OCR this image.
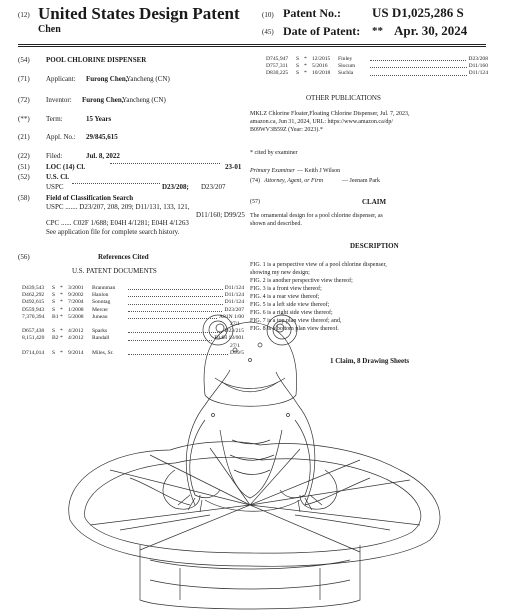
(12) United States Design Patent
Chen
(10) Patent No.: US D1,025,286 S
(45) Date of Patent: ** Apr. 30, 2024
(54) POOL CHLORINE DISPENSER
(71) Applicant: Furong Chen,
Yancheng (CN)
(72) Inventor: Furong Chen,
Yancheng (CN)
(**) Term:	15 Years
(21) Appl. No.: 29/845,615
(22) Filed:	Jul. 8, 2022
(51) LOC (14) Cl.	23-01
(52) U.S. Cl.
USPC	D23/208; D23/207
(58) Field of Classification Search
USPC ....... D23/207, 208, 209; D11/131, 133, 121,
D11/160; D99/25
CPC ...... C02F 1/688; E04H 4/1281; E04H 4/1263
See application file for complete search history.
(56)	References Cited
U.S. PATENT DOCUMENTS
D439,543	S * 3/2001	Brannman	D11/124
D462,292	S * 9/2002	Hanlon	D11/124
D492,615	S * 7/2004	Sonntag	D11/124
D559,943	S * 1/2008	Mercer	D23/207
7,370,394	B1 * 5/2008	Juneau	A01N 1/00
27/1
D657,438	S * 4/2012	Sparks	D23/215
8,151,420	B2 * 4/2012	Randall	F04H 13/001
27/1
D714,014	S * 9/2014	Miles, Sr.	D99/5
D745,947	S * 12/2015	Finley	D23/208
D757,311	S * 5/2016	Slocum	D11/160
D830,225	S * 10/2018	Suchla	D11/124
OTHER PUBLICATIONS
MKLZ Chlorine Floater,Floating Chlorine Dispenser, Jul. 7, 2023,
amazon.ca, Jun 31, 2024, URL: https://www.amazon.ca/dp/
B09WV3B59Z (Year: 2023).*
* cited by examiner
Primary Examiner — Keith J Wilson
(74) Attorney, Agent, or Firm	— Jeenam Park
(57)	CLAIM
The ornamental design for a pool chlorine dispenser, as
shown and described.
DESCRIPTION
FIG. 1 is a perspective view of a pool chlorine dispenser,
showing my new design;
FIG. 2 is another perspective view thereof;
FIG. 3 is a front view thereof;
FIG. 4 is a rear view thereof;
FIG. 5 is a left side view thereof;
FIG. 6 is a right side view thereof;
FIG. 7 is a top plan view thereof; and,
FIG. 8 is a bottom plan view thereof.
1 Claim, 8 Drawing Sheets
